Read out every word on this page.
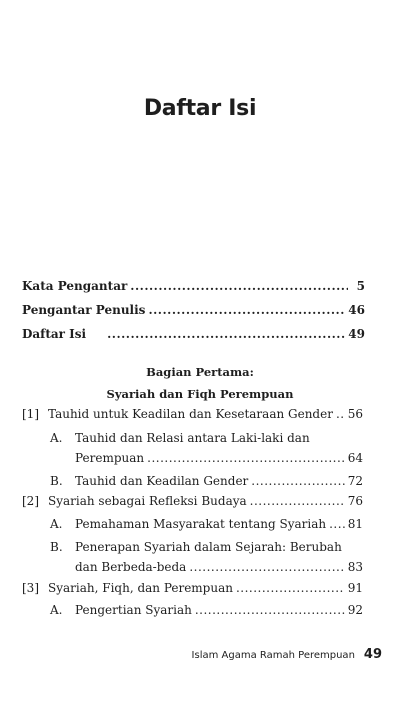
Daftar Isi
Kata Pengantar .....	5
Pengantar Penulis .....	46
Daftar Isi .....	49
Bagian Pertama:
Syariah dan Fiqh Perempuan
[1] Tauhid untuk Keadilan dan Kesetaraan Gender ..... 56
A. Tauhid dan Relasi antara Laki-laki dan
Perempuan .....	64
B. Tauhid dan Keadilan Gender .....	72
[2] Syariah sebagai Refleksi Budaya .....	76
A. Pemahaman Masyarakat tentang Syariah ..... 81
B. Penerapan Syariah dalam Sejarah: Berubah
dan Berbeda-beda .....	83
[3] Syariah, Fiqh, dan Perempuan .....	91
A. Pengertian Syariah .....	92
Islam Agama Ramah Perempuan 49
